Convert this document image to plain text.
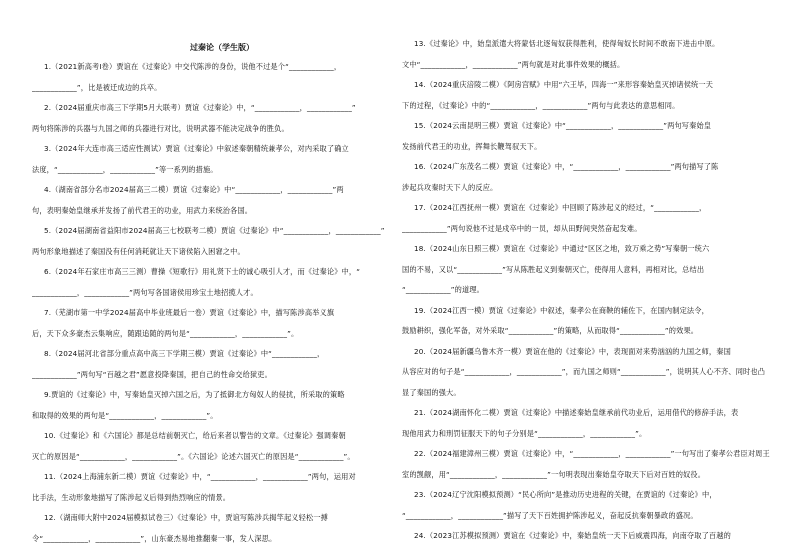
过秦论（学生版）
1.（2021新高考Ⅰ卷）贾谊在《过秦论》中交代陈涉的身份，说他不过是个“____________，
____________”，比是被迁成边的兵卒。
2.（2024届重庆市高三下学期5月大联考）贾谊《过秦论》中，“____________，____________”
两句将陈涉的兵器与九国之师的兵器进行对比，说明武器不能决定战争的胜负。
3.（2024年大连市高三适应性测试）贾谊《过秦论》中叙述秦朝精统兼孝公，对内采取了确立
法度，“____________，____________”等一系列的措施。
4.（湖南省部分名市2024届高三二模）贾谊《过秦论》中“____________，____________”两
句，表明秦始皇继承并发扬了前代君王的功业，用武力来统治各国。
5.（2024届湖南省益阳市2024届高三七校联考二模）贾谊《过秦论》中“____________，____________”
两句形象地描述了秦国没有任何消耗就让天下诸侯陷入困窘之中。
6.（2024年石家庄市高三三测）曹操《短歌行》用礼贤下士的诚心吸引人才，而《过秦论》中，“
____________，____________”两句写各国诸侯用珍宝土地招揽人才。
7.（芜湖市第一中学2024届高中毕业班最后一卷）贾谊《过秦论》中，描写陈涉高举义旗
后，天下众多豪杰云集响应，随跟追随的两句是“____________，____________”。
8.（2024届河北省部分重点高中高三下学期三模）贾谊《过秦论》中“____________，
____________”两句写“百越之君”愿意投降秦国，把自己的性命交给狱吏。
9.贾谊的《过秦论》中，写秦始皇灭掉六国之后，为了抵御北方匈奴人的侵扰，所采取的策略
和取得的效果的两句是“____________，____________”。
10.《过秦论》和《六国论》都是总结前朝灭亡，给后来者以警告的文章。《过秦论》强调秦朝
灭亡的原因是“____________，____________”。《六国论》论述六国灭亡的原因是“____________”。
11.（2024上海浦东新二模）贾谊《过秦论》中，“____________，____________”两句，运用对
比手法，生动形象地描写了陈涉起义后得到热烈响应的情景。
12.（湖南师大附中2024届模拟试卷三）《过秦论》中，贾谊写陈涉兵揭竿起义轻松一搏
令“____________，____________”，山东豪杰易地推翻秦一事，发人深思。
13.《过秦论》中，始皇派遣大将蒙恬北逐匈奴获得胜利，使得匈奴长时间不敢南下进击中原。
文中“____________，____________”两句就是对此事件效果的概括。
14.（2024重庆涪陵二模）《阿房宫赋》中用“六王毕，四海一”来形容秦始皇灭掉诸侯统一天
下的过程，《过秦论》中的“____________，____________”两句与此表达的意思相同。
15.（2024云南昆明三模）贾谊《过秦论》中“____________，____________”两句写秦始皇
发扬前代君王的功业，挥舞长鞭驾驭天下。
16.（2024广东茂名二模）贾谊《过秦论》中，“____________，____________”两句描写了陈
涉起兵攻秦时天下人的反应。
17.（2024江西抚州一模）贾谊在《过秦论》中回顾了陈涉起义的经过，“____________，
____________”两句说他不过是戍卒中的一员，却从田野间突然奋起发难。
18.（2024山东日照三模）贾谊在《过秦论》中通过“区区之地，致万乘之势”写秦朝一统六
国的不易，又以“____________”写从陈胜起义到秦朝灭亡，使得用人意料，再相对比，总结出
“____________”的道理。
19.（2024江西一模）贾谊《过秦论》中叙述，秦孝公在商鞅的辅佐下，在国内制定法令，
鼓励耕织，强化军备，对外采取“____________”的策略，从而取得“____________”的效果。
20.（2024届新疆乌鲁木齐一模）贾谊在他的《过秦论》中，表现面对来势汹汹的九国之师，秦国
从容应对的句子是“____________，____________”，而九国之师则“____________”，说明其人心不齐、同时也凸
显了秦国的强大。
21.（2024湖南怀化二模）贾谊《过秦论》中描述秦始皇继承前代功业后，运用借代的修辞手法，表
现他用武力和刑罚征服天下的句子分别是“____________，____________”。
22.（2024福建漳州三模）贾谊《过秦论》中，“____________，____________”一句写出了秦孝公君臣对周王
室的觊觎，用“____________，____________”一句明表现出秦始皇夺取天下后对百姓的奴役。
23.（2024辽宁沈阳模拟预测）“民心所向”是推动历史进程的关键，在贾谊的《过秦论》中，
“____________，____________”描写了天下百姓拥护陈涉起义，奋起反抗秦朝暴政的盛况。
24.（2023江苏模拟预测）贾谊在《过秦论》中，秦始皇统一天下后威震四海，向南夺取了百越的
